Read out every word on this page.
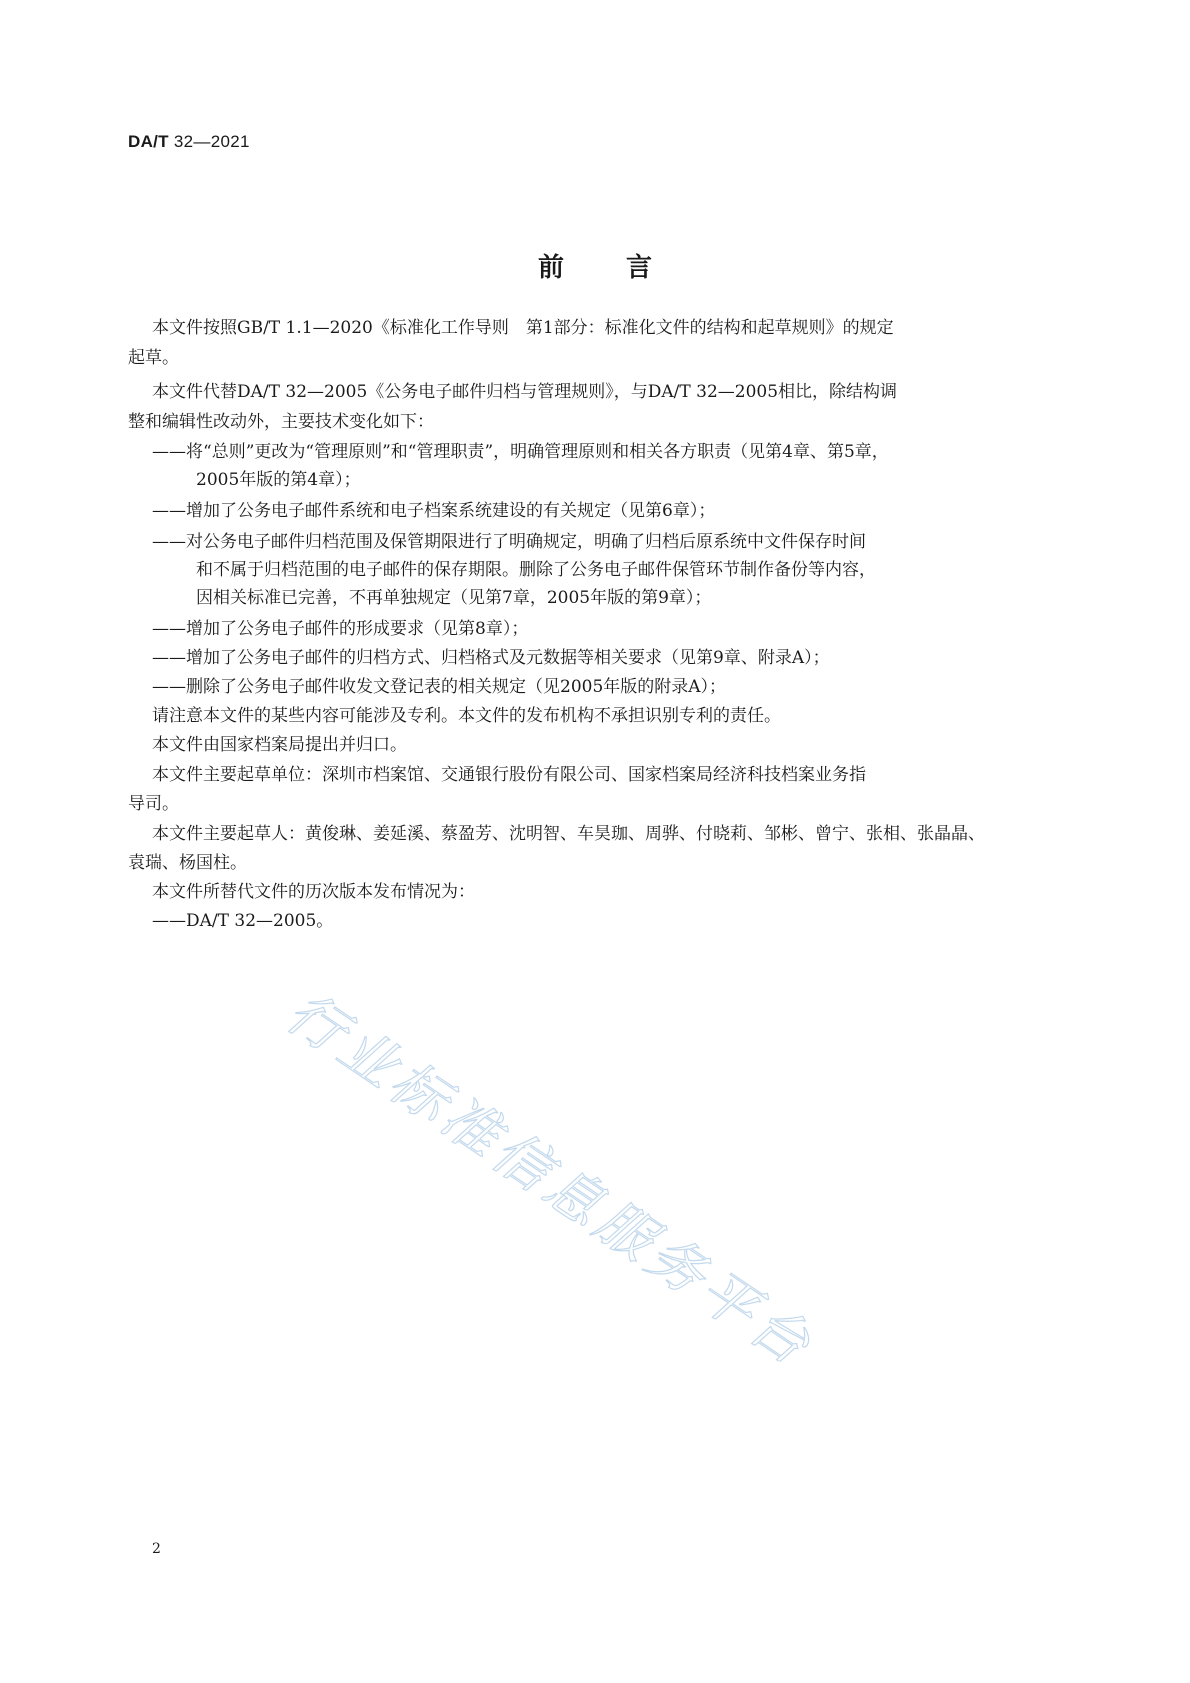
DA/T 32—2021
前言
本文件按照GB/T 1.1—2020《标准化工作导则　第1部分：标准化文件的结构和起草规则》的规定
起草。
本文件代替DA/T 32—2005《公务电子邮件归档与管理规则》，与DA/T 32—2005相比，除结构调
整和编辑性改动外，主要技术变化如下：
——将“总则”更改为“管理原则”和“管理职责”，明确管理原则和相关各方职责（见第4章、第5章，
2005年版的第4章）；
——增加了公务电子邮件系统和电子档案系统建设的有关规定（见第6章）；
——对公务电子邮件归档范围及保管期限进行了明确规定，明确了归档后原系统中文件保存时间
和不属于归档范围的电子邮件的保存期限。删除了公务电子邮件保管环节制作备份等内容，
因相关标准已完善，不再单独规定（见第7章，2005年版的第9章）；
——增加了公务电子邮件的形成要求（见第8章）；
——增加了公务电子邮件的归档方式、归档格式及元数据等相关要求（见第9章、附录A）；
——删除了公务电子邮件收发文登记表的相关规定（见2005年版的附录A）；
请注意本文件的某些内容可能涉及专利。本文件的发布机构不承担识别专利的责任。
本文件由国家档案局提出并归口。
本文件主要起草单位：深圳市档案馆、交通银行股份有限公司、国家档案局经济科技档案业务指
导司。
本文件主要起草人：黄俊琳、姜延溪、蔡盈芳、沈明智、车昊珈、周骅、付晓莉、邹彬、曾宁、张相、张晶晶、
袁瑞、杨国柱。
本文件所替代文件的历次版本发布情况为：
——DA/T 32—2005。
行业标准信息服务平台
2
